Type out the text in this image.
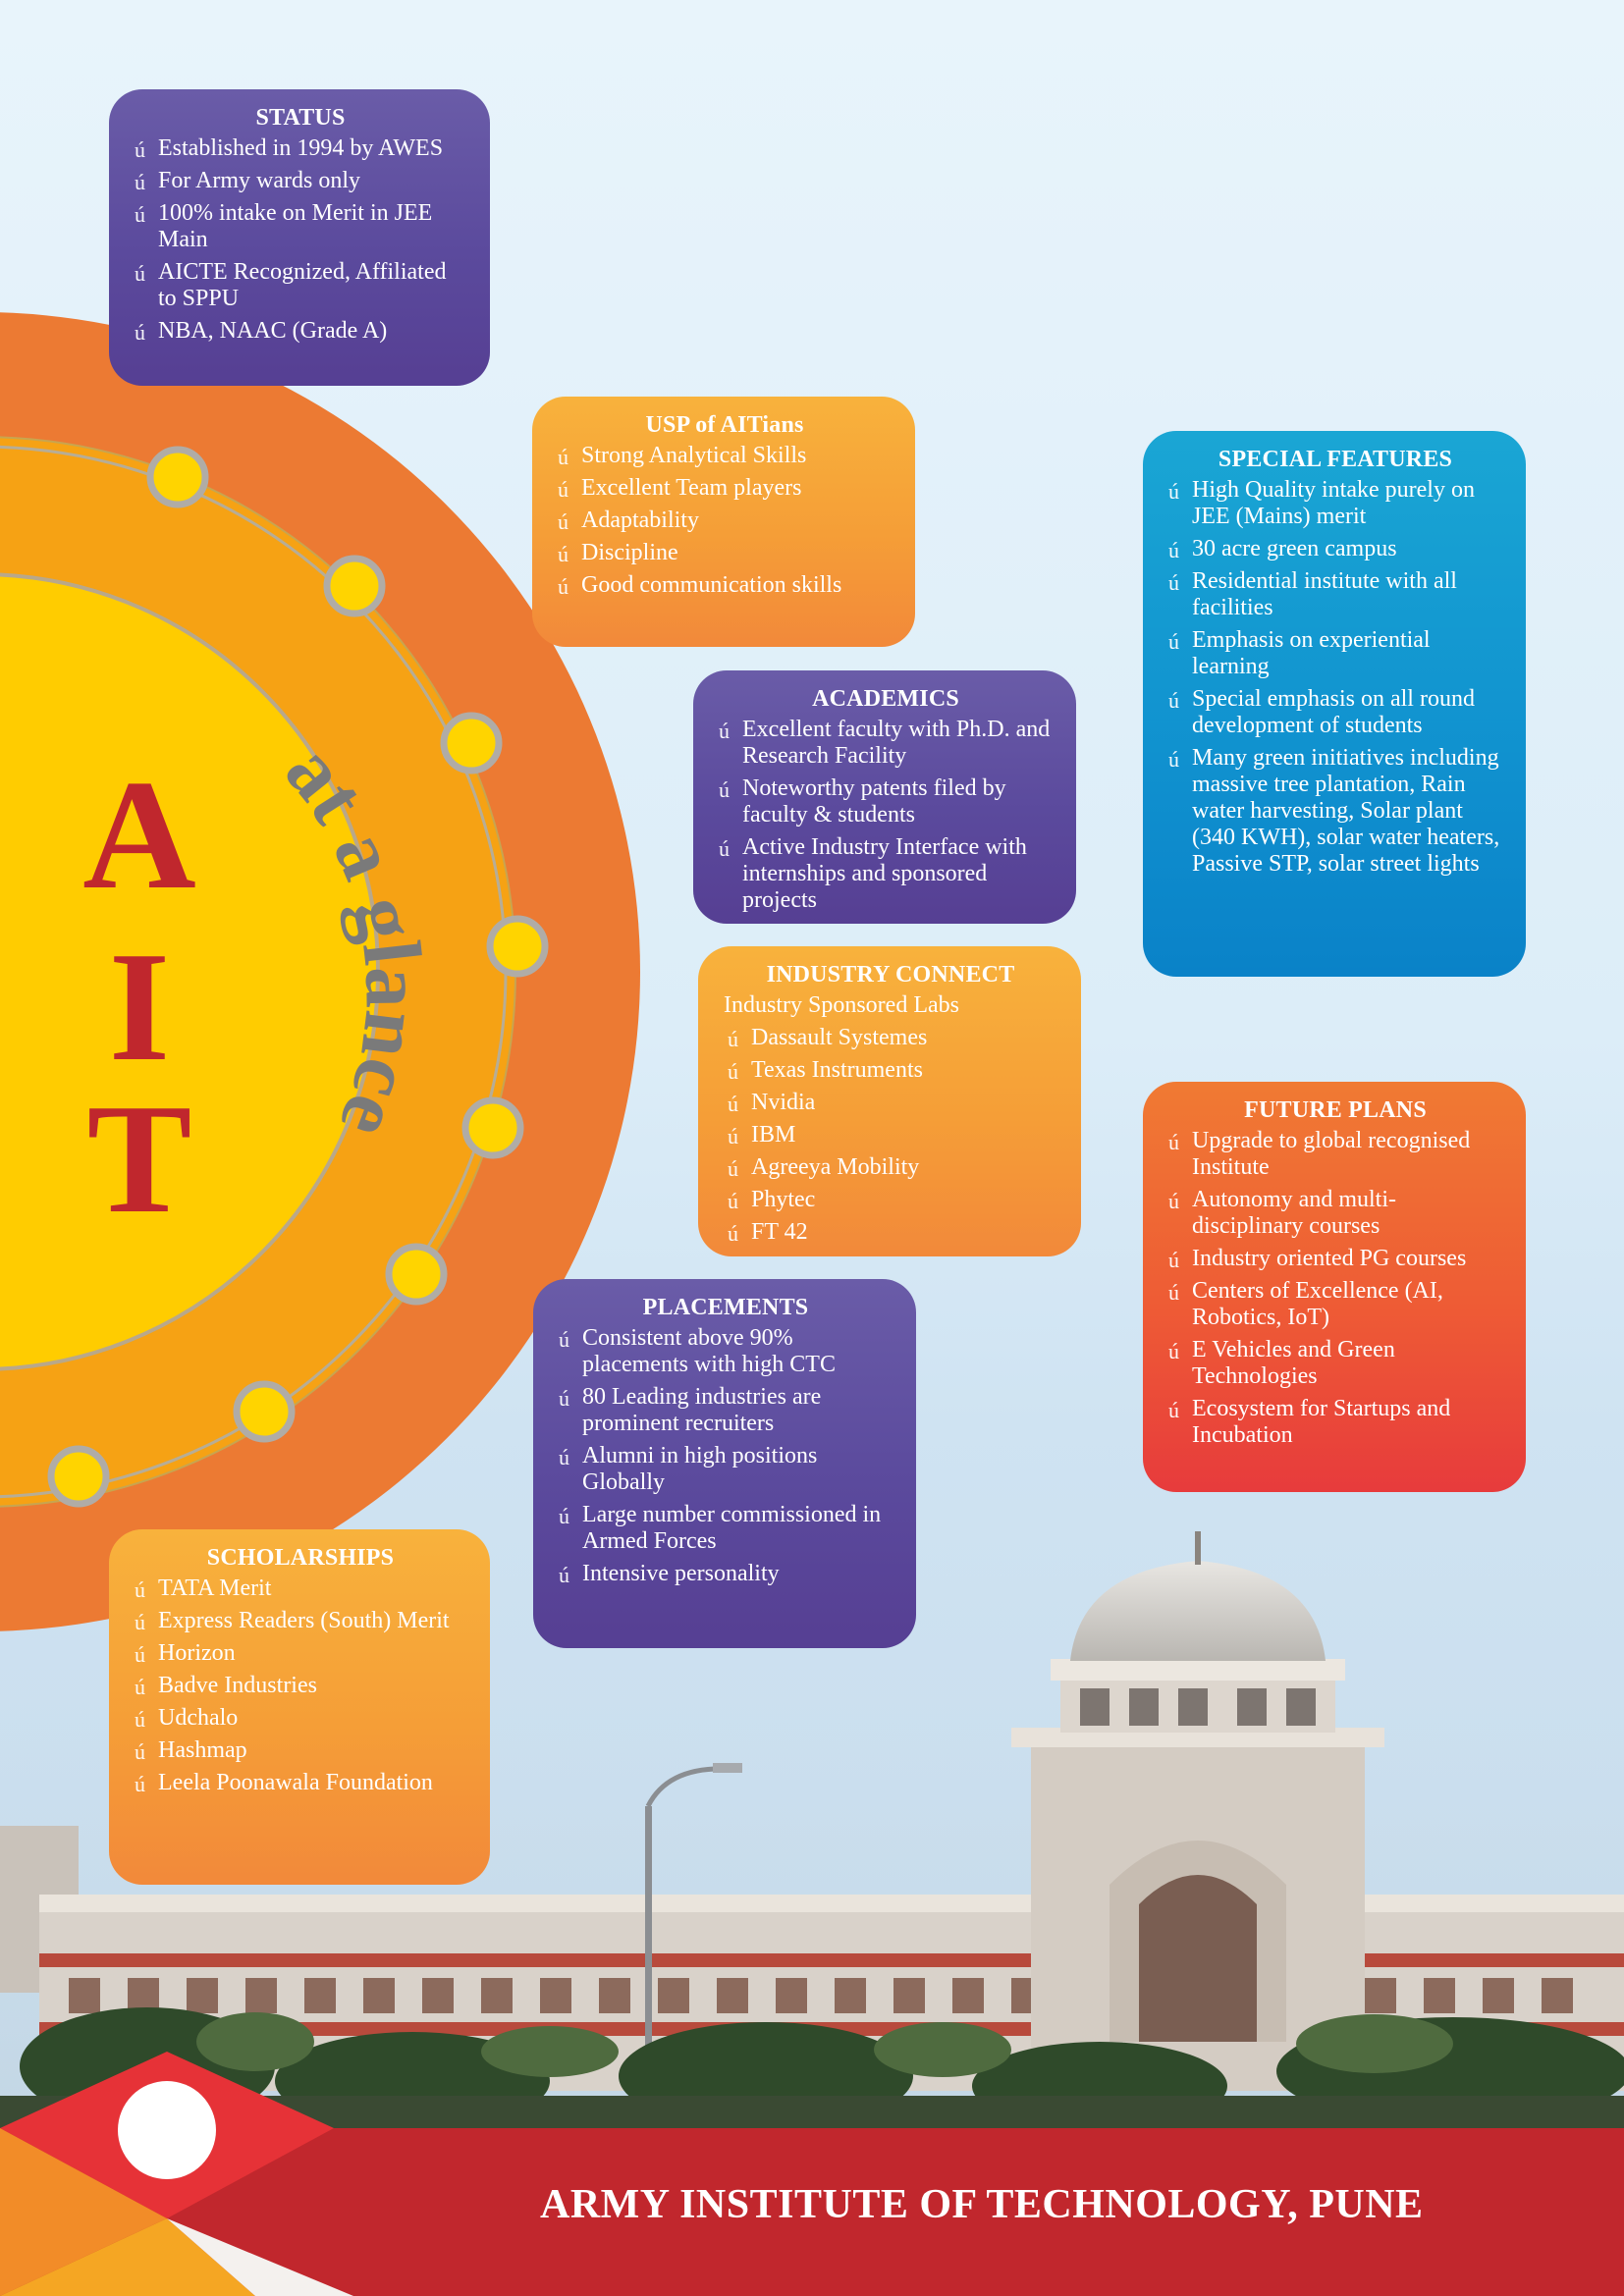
at a glance
A
I
T
STATUS
ú Established in 1994 by AWES
ú For Army wards only
ú 100% intake on Merit in JEE Main
ú AICTE Recognized, Affiliated to SPPU
ú NBA, NAAC (Grade A)
USP of AITians
ú Strong Analytical Skills
ú Excellent Team players
ú Adaptability
ú Discipline
ú Good communication skills
SPECIAL FEATURES
ú High Quality intake purely on JEE (Mains) merit
ú 30 acre green campus
ú Residential institute with all facilities
ú Emphasis on experiential learning
ú Special emphasis on all round development of students
ú Many green initiatives including massive tree plantation, Rain water harvesting, Solar plant (340 KWH), solar water heaters, Passive STP, solar street lights
ACADEMICS
ú Excellent faculty with Ph.D. and Research Facility
ú Noteworthy patents filed by faculty & students
ú Active Industry Interface with internships and sponsored projects
INDUSTRY CONNECT
Industry Sponsored Labs
ú Dassault Systemes
ú Texas Instruments
ú Nvidia
ú IBM
ú Agreeya Mobility
ú Phytec
ú FT 42
FUTURE PLANS
ú Upgrade to global recognised Institute
ú Autonomy and multi-disciplinary courses
ú Industry oriented PG courses
ú Centers of Excellence (AI, Robotics, IoT)
ú E Vehicles and Green Technologies
ú Ecosystem for Startups and Incubation
PLACEMENTS
ú Consistent above 90% placements with high CTC
ú 80 Leading industries are prominent recruiters
ú Alumni in high positions Globally
ú Large number commissioned in Armed Forces
ú Intensive personality
SCHOLARSHIPS
ú TATA Merit
ú Express Readers (South) Merit
ú Horizon
ú Badve Industries
ú Udchalo
ú Hashmap
ú Leela Poonawala Foundation
ARMY INSTITUTE OF TECHNOLOGY, PUNE
